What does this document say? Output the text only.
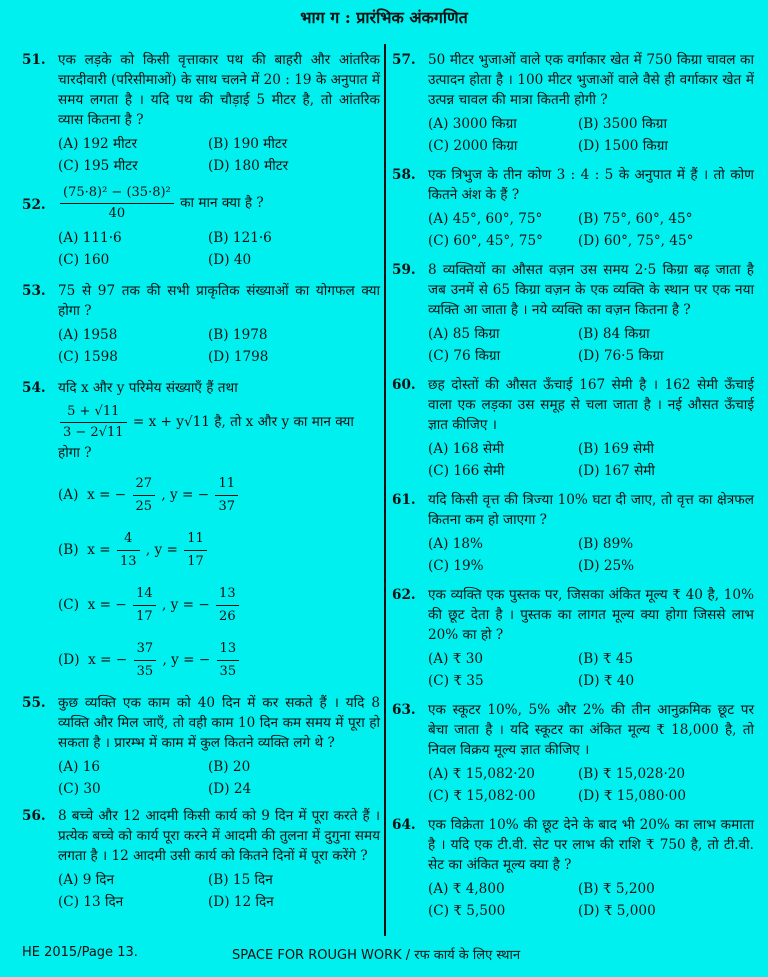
भाग ग : प्रारंभिक अंकगणित
51. एक लड़के को किसी वृत्ताकार पथ की बाहरी और आंतरिक चारदीवारी (परिसीमाओं) के साथ चलने में 20 : 19 के अनुपात में समय लगता है । यदि पथ की चौड़ाई 5 मीटर है, तो आंतरिक व्यास कितना है ?
(A) 192 मीटर	(B) 190 मीटर
(C) 195 मीटर	(D) 180 मीटर
52. $\frac{\text{(75·8)² − (35·8)²}}{40}$ का मान क्या है ?
(A) 111·6	(B) 121·6
(C) 160	(D) 40
53. 75 से 97 तक की सभी प्राकृतिक संख्याओं का योगफल क्या होगा ?
(A) 1958	(B) 1978
(C) 1598	(D) 1798
54. यदि x और y परिमेय संख्याएँ हैं तथा
$\frac{5 + √11}{3 - 2√11} = x + y√11$ है, तो x और y का मान क्या होगा ?
(A) x = − $\frac{27}{25}$ , y = − $\frac{11}{37}$
(B) $x = \frac{4}{13}$ , $y = \frac{11}{17}$
(C) x = − $\frac{14}{17}$ , y = − $\frac{13}{26}$
(D) x = − $\frac{37}{35}$ , y = − $\frac{13}{35}$
55. कुछ व्यक्ति एक काम को 40 दिन में कर सकते हैं । यदि 8 व्यक्ति और मिल जाएँ, तो वही काम 10 दिन कम समय में पूरा हो सकता है । प्रारम्भ में काम में कुल कितने व्यक्ति लगे थे ?
(A) 16	(B) 20
(C) 30	(D) 24
56. 8 बच्चे और 12 आदमी किसी कार्य को 9 दिन में पूरा करते हैं । प्रत्येक बच्चे को कार्य पूरा करने में आदमी की तुलना में दुगुना समय लगता है । 12 आदमी उसी कार्य को कितने दिनों में पूरा करेंगे ?
(A) 9 दिन	(B) 15 दिन
(C) 13 दिन	(D) 12 दिन
57. 50 मीटर भुजाओं वाले एक वर्गाकार खेत में 750 किग्रा चावल का उत्पादन होता है । 100 मीटर भुजाओं वाले वैसे ही वर्गाकार खेत में उत्पन्न चावल की मात्रा कितनी होगी ?
(A) 3000 किग्रा	(B) 3500 किग्रा
(C) 2000 किग्रा	(D) 1500 किग्रा
58. एक त्रिभुज के तीन कोण 3 : 4 : 5 के अनुपात में हैं । तो कोण कितने अंश के हैं ?
(A) 45°, 60°, 75°	(B) 75°, 60°, 45°
(C) 60°, 45°, 75°	(D) 60°, 75°, 45°
59. 8 व्यक्तियों का औसत वज़न उस समय 2·5 किग्रा बढ़ जाता है जब उनमें से 65 किग्रा वज़न के एक व्यक्ति के स्थान पर एक नया व्यक्ति आ जाता है । नये व्यक्ति का वज़न कितना है ?
(A) 85 किग्रा	(B) 84 किग्रा
(C) 76 किग्रा	(D) 76·5 किग्रा
60. छह दोस्तों की औसत ऊँचाई 167 सेमी है । 162 सेमी ऊँचाई वाला एक लड़का उस समूह से चला जाता है । नई औसत ऊँचाई ज्ञात कीजिए ।
(A) 168 सेमी	(B) 169 सेमी
(C) 166 सेमी	(D) 167 सेमी
61. यदि किसी वृत्त की त्रिज्या 10% घटा दी जाए, तो वृत्त का क्षेत्रफल कितना कम हो जाएगा ?
(A) 18%	(B) 89%
(C) 19%	(D) 25%
62. एक व्यक्ति एक पुस्तक पर, जिसका अंकित मूल्य ₹ 40 है, 10% की छूट देता है । पुस्तक का लागत मूल्य क्या होगा जिससे लाभ 20% का हो ?
(A) ₹ 30	(B) ₹ 45
(C) ₹ 35	(D) ₹ 40
63. एक स्कूटर 10%, 5% और 2% की तीन आनुक्रमिक छूट पर बेचा जाता है । यदि स्कूटर का अंकित मूल्य ₹ 18,000 है, तो निवल विक्रय मूल्य ज्ञात कीजिए ।
(A) ₹ 15,082·20	(B) ₹ 15,028·20
(C) ₹ 15,082·00	(D) ₹ 15,080·00
64. एक विक्रेता 10% की छूट देने के बाद भी 20% का लाभ कमाता है । यदि एक टी.वी. सेट पर लाभ की राशि ₹ 750 है, तो टी.वी. सेट का अंकित मूल्य क्या है ?
(A) ₹ 4,800	(B) ₹ 5,200
(C) ₹ 5,500	(D) ₹ 5,000
HE 2015/Page 13.	SPACE FOR ROUGH WORK / रफ कार्य के लिए स्थान
